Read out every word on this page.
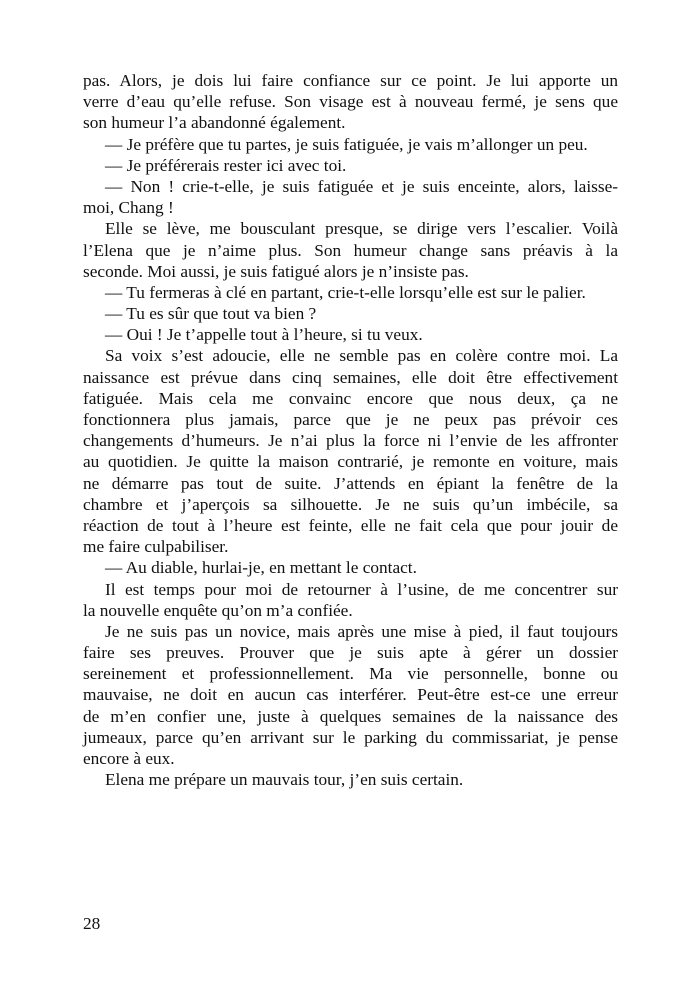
pas. Alors, je dois lui faire confiance sur ce point. Je lui apporte un
verre d’eau qu’elle refuse. Son visage est à nouveau fermé, je sens que
son humeur l’a abandonné également.
— Je préfère que tu partes, je suis fatiguée, je vais m’allonger un peu.
— Je préférerais rester ici avec toi.
— Non ! crie-t-elle, je suis fatiguée et je suis enceinte, alors, laisse-
moi, Chang !
Elle se lève, me bousculant presque, se dirige vers l’escalier. Voilà
l’Elena que je n’aime plus. Son humeur change sans préavis à la
seconde. Moi aussi, je suis fatigué alors je n’insiste pas.
— Tu fermeras à clé en partant, crie-t-elle lorsqu’elle est sur le palier.
— Tu es sûr que tout va bien ?
— Oui ! Je t’appelle tout à l’heure, si tu veux.
Sa voix s’est adoucie, elle ne semble pas en colère contre moi. La
naissance est prévue dans cinq semaines, elle doit être effectivement
fatiguée. Mais cela me convainc encore que nous deux, ça ne
fonctionnera plus jamais, parce que je ne peux pas prévoir ces
changements d’humeurs. Je n’ai plus la force ni l’envie de les affronter
au quotidien. Je quitte la maison contrarié, je remonte en voiture, mais
ne démarre pas tout de suite. J’attends en épiant la fenêtre de la
chambre et j’aperçois sa silhouette. Je ne suis qu’un imbécile, sa
réaction de tout à l’heure est feinte, elle ne fait cela que pour jouir de
me faire culpabiliser.
— Au diable, hurlai-je, en mettant le contact.
Il est temps pour moi de retourner à l’usine, de me concentrer sur
la nouvelle enquête qu’on m’a confiée.
Je ne suis pas un novice, mais après une mise à pied, il faut toujours
faire ses preuves. Prouver que je suis apte à gérer un dossier
sereinement et professionnellement. Ma vie personnelle, bonne ou
mauvaise, ne doit en aucun cas interférer. Peut-être est-ce une erreur
de m’en confier une, juste à quelques semaines de la naissance des
jumeaux, parce qu’en arrivant sur le parking du commissariat, je pense
encore à eux.
Elena me prépare un mauvais tour, j’en suis certain.
28
